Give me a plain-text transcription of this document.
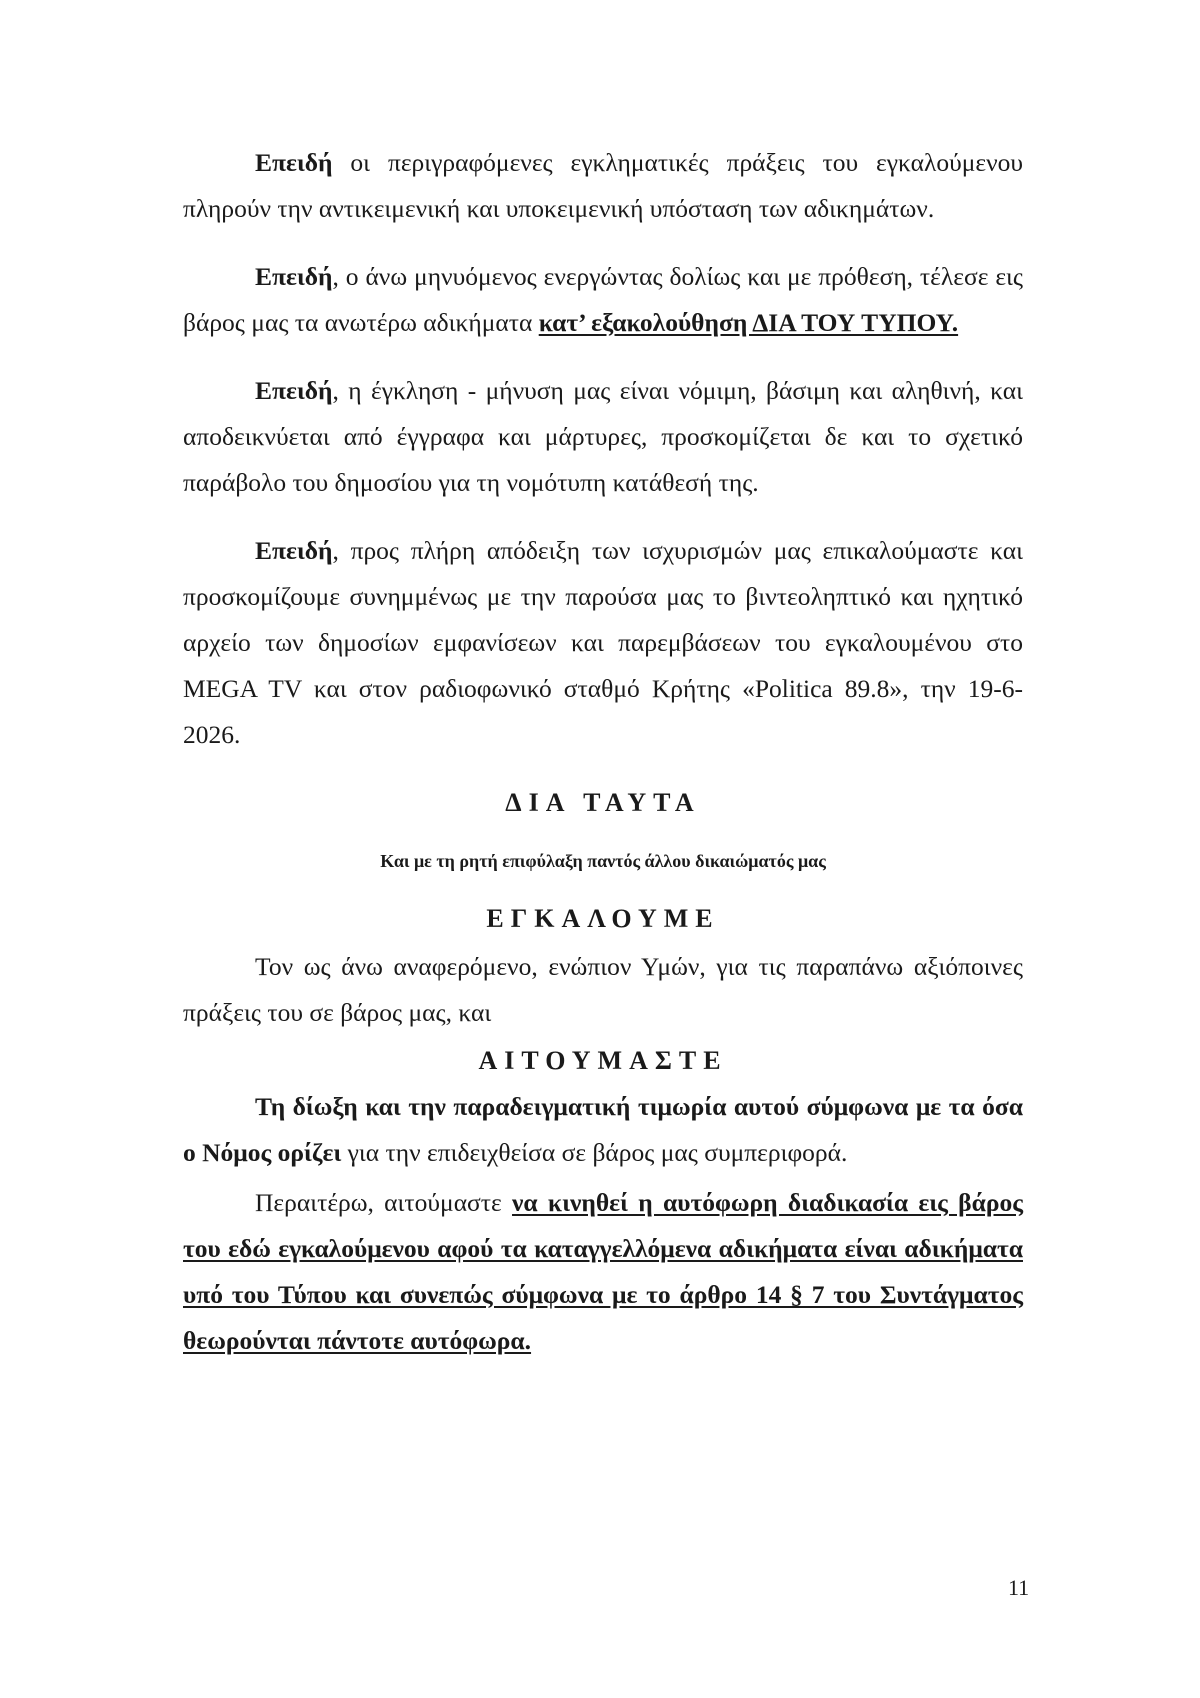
Επειδή οι περιγραφόμενες εγκληματικές πράξεις του εγκαλούμενου πληρούν την αντικειμενική και υποκειμενική υπόσταση των αδικημάτων.

Επειδή, ο άνω μηνυόμενος ενεργώντας δολίως και με πρόθεση, τέλεσε εις βάρος μας τα ανωτέρω αδικήματα κατ’ εξακολούθηση ΔΙΑ ΤΟΥ ΤΥΠΟΥ.

Επειδή, η έγκληση - μήνυση μας είναι νόμιμη, βάσιμη και αληθινή, και αποδεικνύεται από έγγραφα και μάρτυρες, προσκομίζεται δε και το σχετικό παράβολο του δημοσίου για τη νομότυπη κατάθεσή της.

Επειδή, προς πλήρη απόδειξη των ισχυρισμών μας επικαλούμαστε και προσκομίζουμε συνημμένως με την παρούσα μας το βιντεοληπτικό και ηχητικό αρχείο των δημοσίων εμφανίσεων και παρεμβάσεων του εγκαλουμένου στο MEGA TV και στον ραδιοφωνικό σταθμό Κρήτης «Politica 89.8», την 19-6-2026.

ΔΙΑ ΤΑΥΤΑ

Και με τη ρητή επιφύλαξη παντός άλλου δικαιώματός μας

ΕΓΚΑΛΟΥΜΕ

Τον ως άνω αναφερόμενο, ενώπιον Υμών, για τις παραπάνω αξιόποινες πράξεις του σε βάρος μας, και

ΑΙΤΟΥΜΑΣΤΕ

Τη δίωξη και την παραδειγματική τιμωρία αυτού σύμφωνα με τα όσα ο Νόμος ορίζει για την επιδειχθείσα σε βάρος μας συμπεριφορά.

Περαιτέρω, αιτούμαστε να κινηθεί η αυτόφωρη διαδικασία εις βάρος του εδώ εγκαλούμενου αφού τα καταγγελλόμενα αδικήματα είναι αδικήματα υπό του Τύπου και συνεπώς σύμφωνα με το άρθρο 14 § 7 του Συντάγματος θεωρούνται πάντοτε αυτόφωρα.

11
